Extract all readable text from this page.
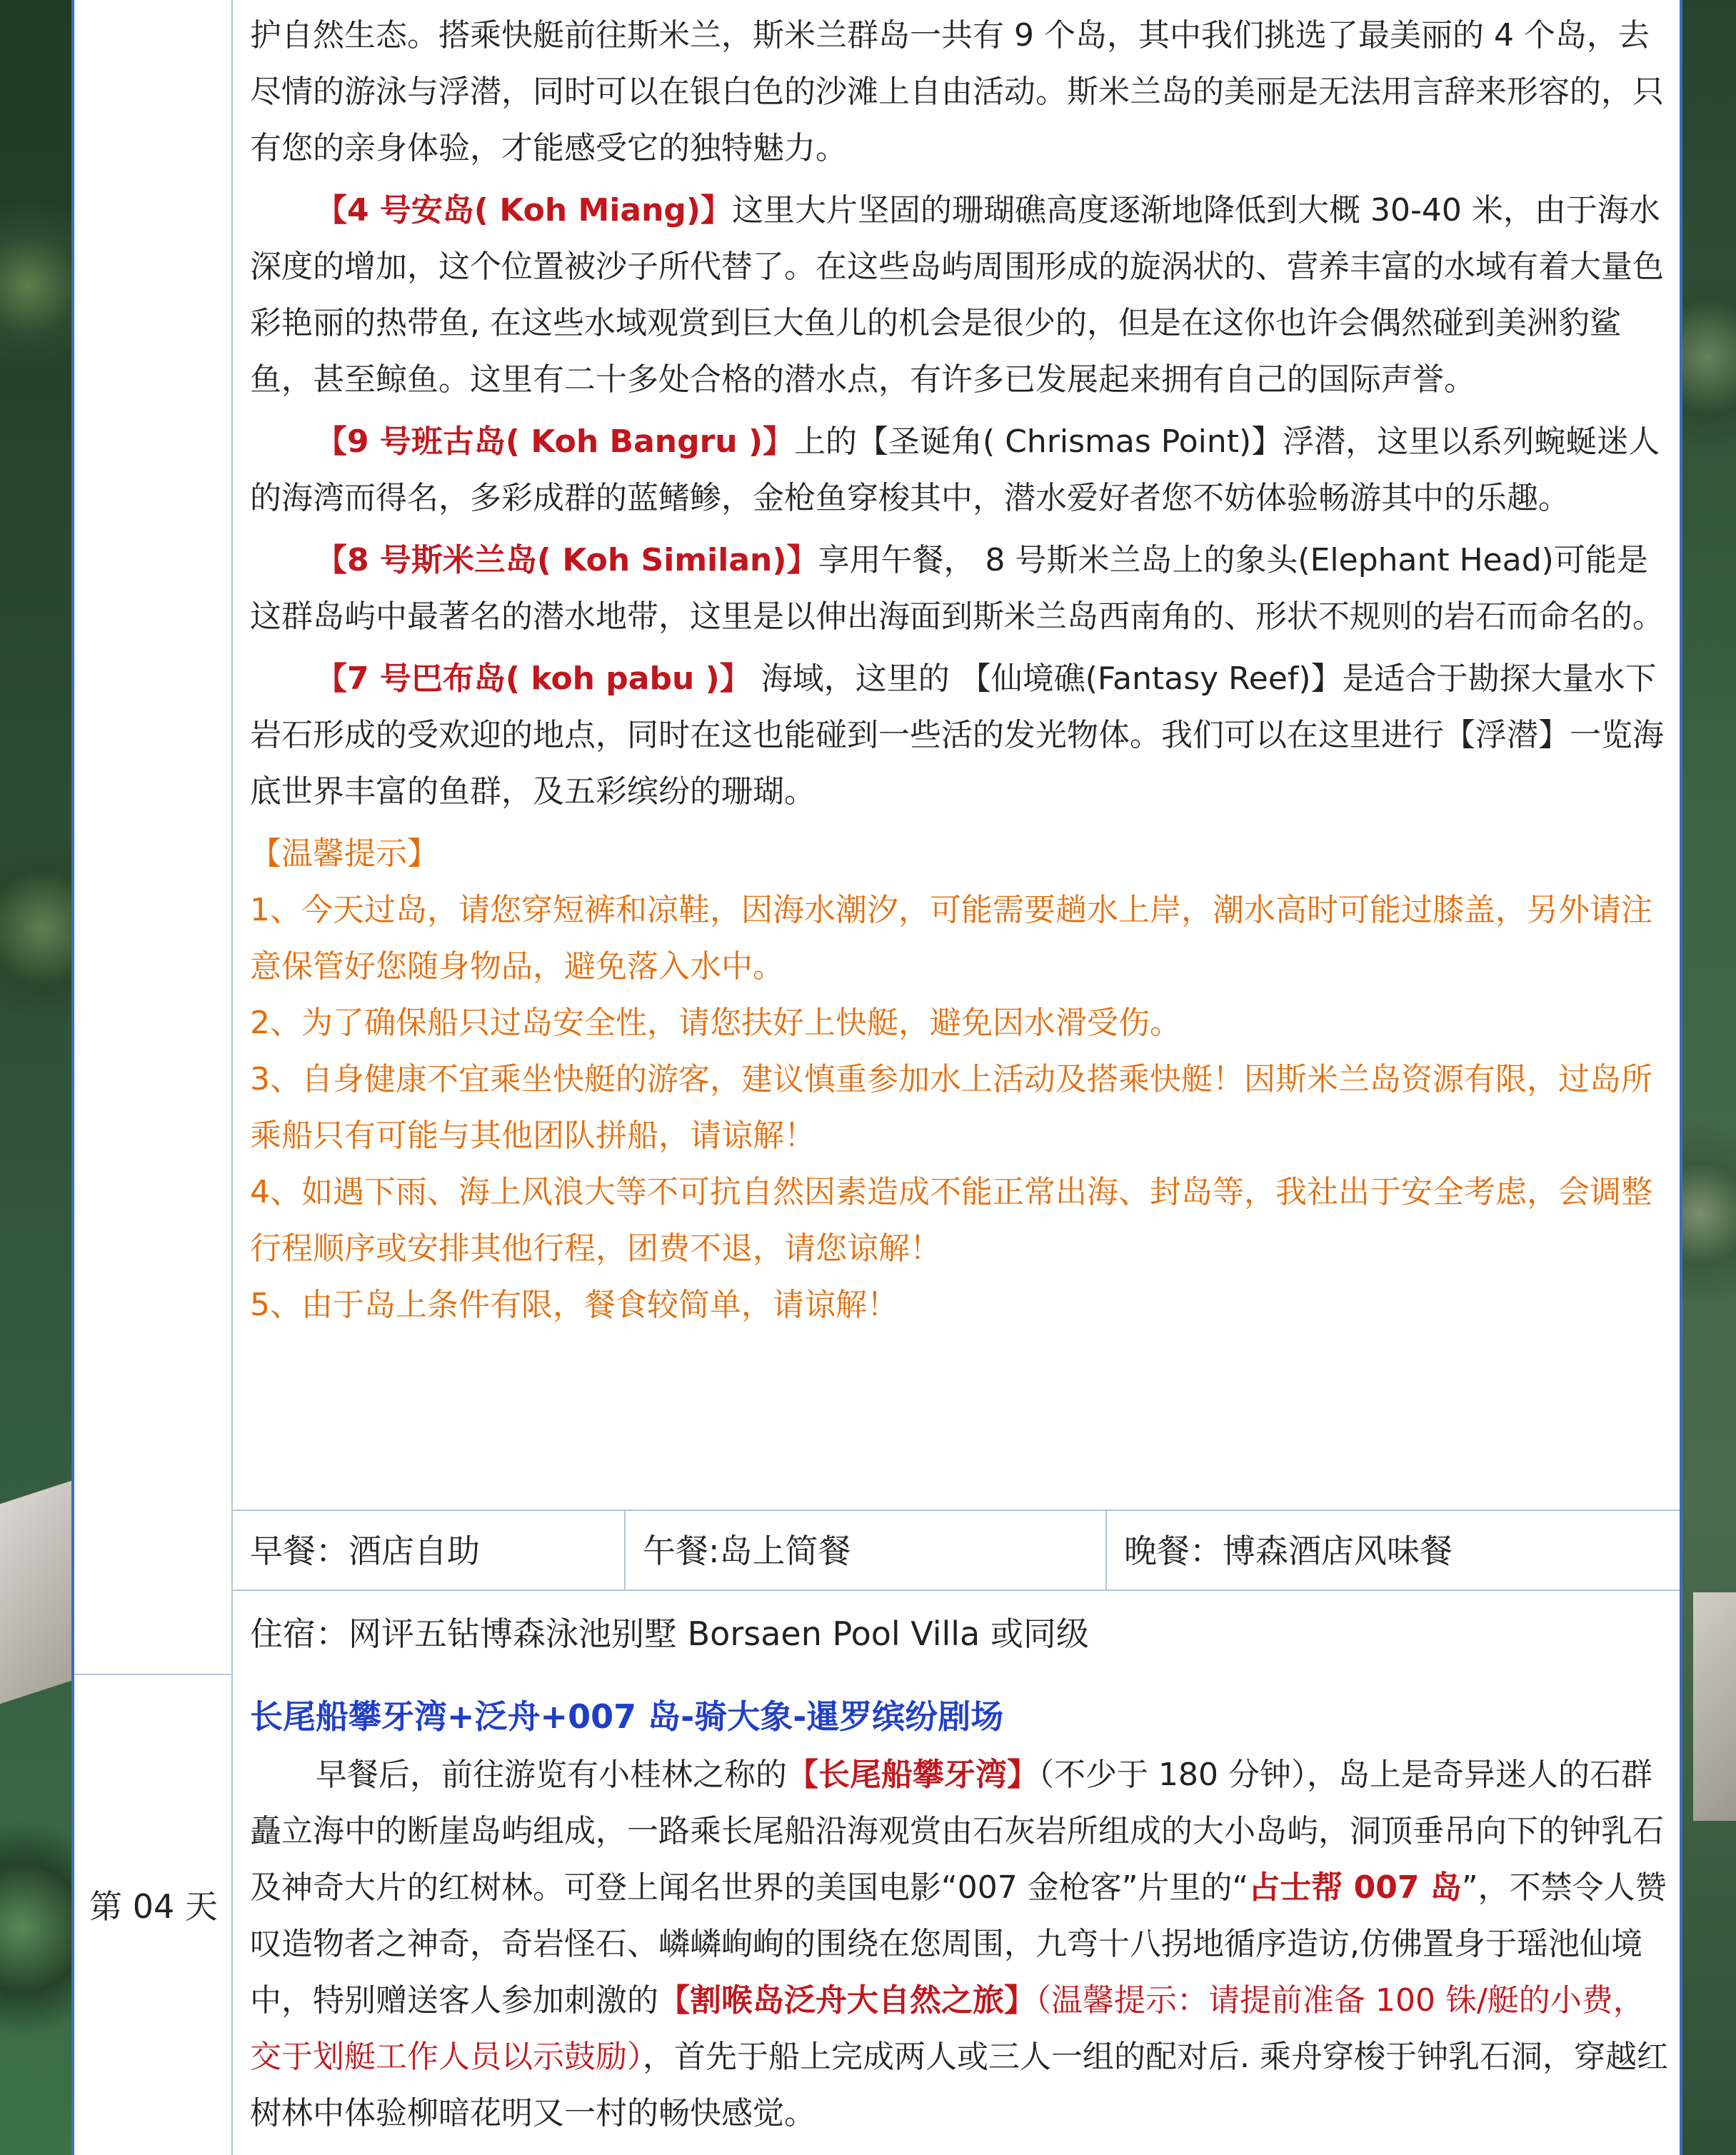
第 04 天

护自然生态。搭乘快艇前往斯米兰，斯米兰群岛一共有 9 个岛，其中我们挑选了最美丽的 4 个岛，去尽情的游泳与浮潜，同时可以在银白色的沙滩上自由活动。斯米兰岛的美丽是无法用言辞来形容的，只有您的亲身体验，才能感受它的独特魅力。

【4 号安岛( Koh Miang)】这里大片坚固的珊瑚礁高度逐渐地降低到大概 30-40 米，由于海水深度的增加，这个位置被沙子所代替了。在这些岛屿周围形成的旋涡状的、营养丰富的水域有着大量色彩艳丽的热带鱼, 在这些水域观赏到巨大鱼儿的机会是很少的，但是在这你也许会偶然碰到美洲豹鲨鱼，甚至鲸鱼。这里有二十多处合格的潜水点，有许多已发展起来拥有自己的国际声誉。

【9 号班古岛( Koh Bangru )】上的【圣诞角( Chrismas Point)】浮潜，这里以系列蜿蜒迷人的海湾而得名，多彩成群的蓝鳍鲹，金枪鱼穿梭其中，潜水爱好者您不妨体验畅游其中的乐趣。

【8 号斯米兰岛( Koh Similan)】享用午餐， 8 号斯米兰岛上的象头(Elephant Head)可能是这群岛屿中最著名的潜水地带，这里是以伸出海面到斯米兰岛西南角的、形状不规则的岩石而命名的。

【7 号巴布岛( koh pabu )】 海域，这里的 【仙境礁(Fantasy Reef)】是适合于勘探大量水下岩石形成的受欢迎的地点，同时在这也能碰到一些活的发光物体。我们可以在这里进行【浮潜】一览海底世界丰富的鱼群，及五彩缤纷的珊瑚。

【温馨提示】

1、今天过岛，请您穿短裤和凉鞋，因海水潮汐，可能需要趟水上岸，潮水高时可能过膝盖，另外请注意保管好您随身物品，避免落入水中。

2、为了确保船只过岛安全性，请您扶好上快艇，避免因水滑受伤。

3、自身健康不宜乘坐快艇的游客，建议慎重参加水上活动及搭乘快艇！因斯米兰岛资源有限，过岛所乘船只有可能与其他团队拼船，请谅解！

4、如遇下雨、海上风浪大等不可抗自然因素造成不能正常出海、封岛等，我社出于安全考虑，会调整行程顺序或安排其他行程，团费不退，请您谅解！

5、由于岛上条件有限，餐食较简单，请谅解！

早餐：酒店自助	午餐:岛上简餐	晚餐：博森酒店风味餐
住宿：网评五钻博森泳池别墅 Borsaen Pool Villa 或同级

长尾船攀牙湾+泛舟+007 岛-骑大象-暹罗缤纷剧场

早餐后，前往游览有小桂林之称的【长尾船攀牙湾】（不少于 180 分钟），岛上是奇异迷人的石群矗立海中的断崖岛屿组成，一路乘长尾船沿海观赏由石灰岩所组成的大小岛屿，洞顶垂吊向下的钟乳石及神奇大片的红树林。可登上闻名世界的美国电影“007 金枪客”片里的“占士帮 007 岛”，不禁令人赞叹造物者之神奇，奇岩怪石、嶙嶙峋峋的围绕在您周围，九弯十八拐地循序造访,仿佛置身于瑶池仙境中，特别赠送客人参加刺激的【割喉岛泛舟大自然之旅】（温馨提示：请提前准备 100 铢/艇的小费，交于划艇工作人员以示鼓励），首先于船上完成两人或三人一组的配对后. 乘舟穿梭于钟乳石洞，穿越红树林中体验柳暗花明又一村的畅快感觉。
